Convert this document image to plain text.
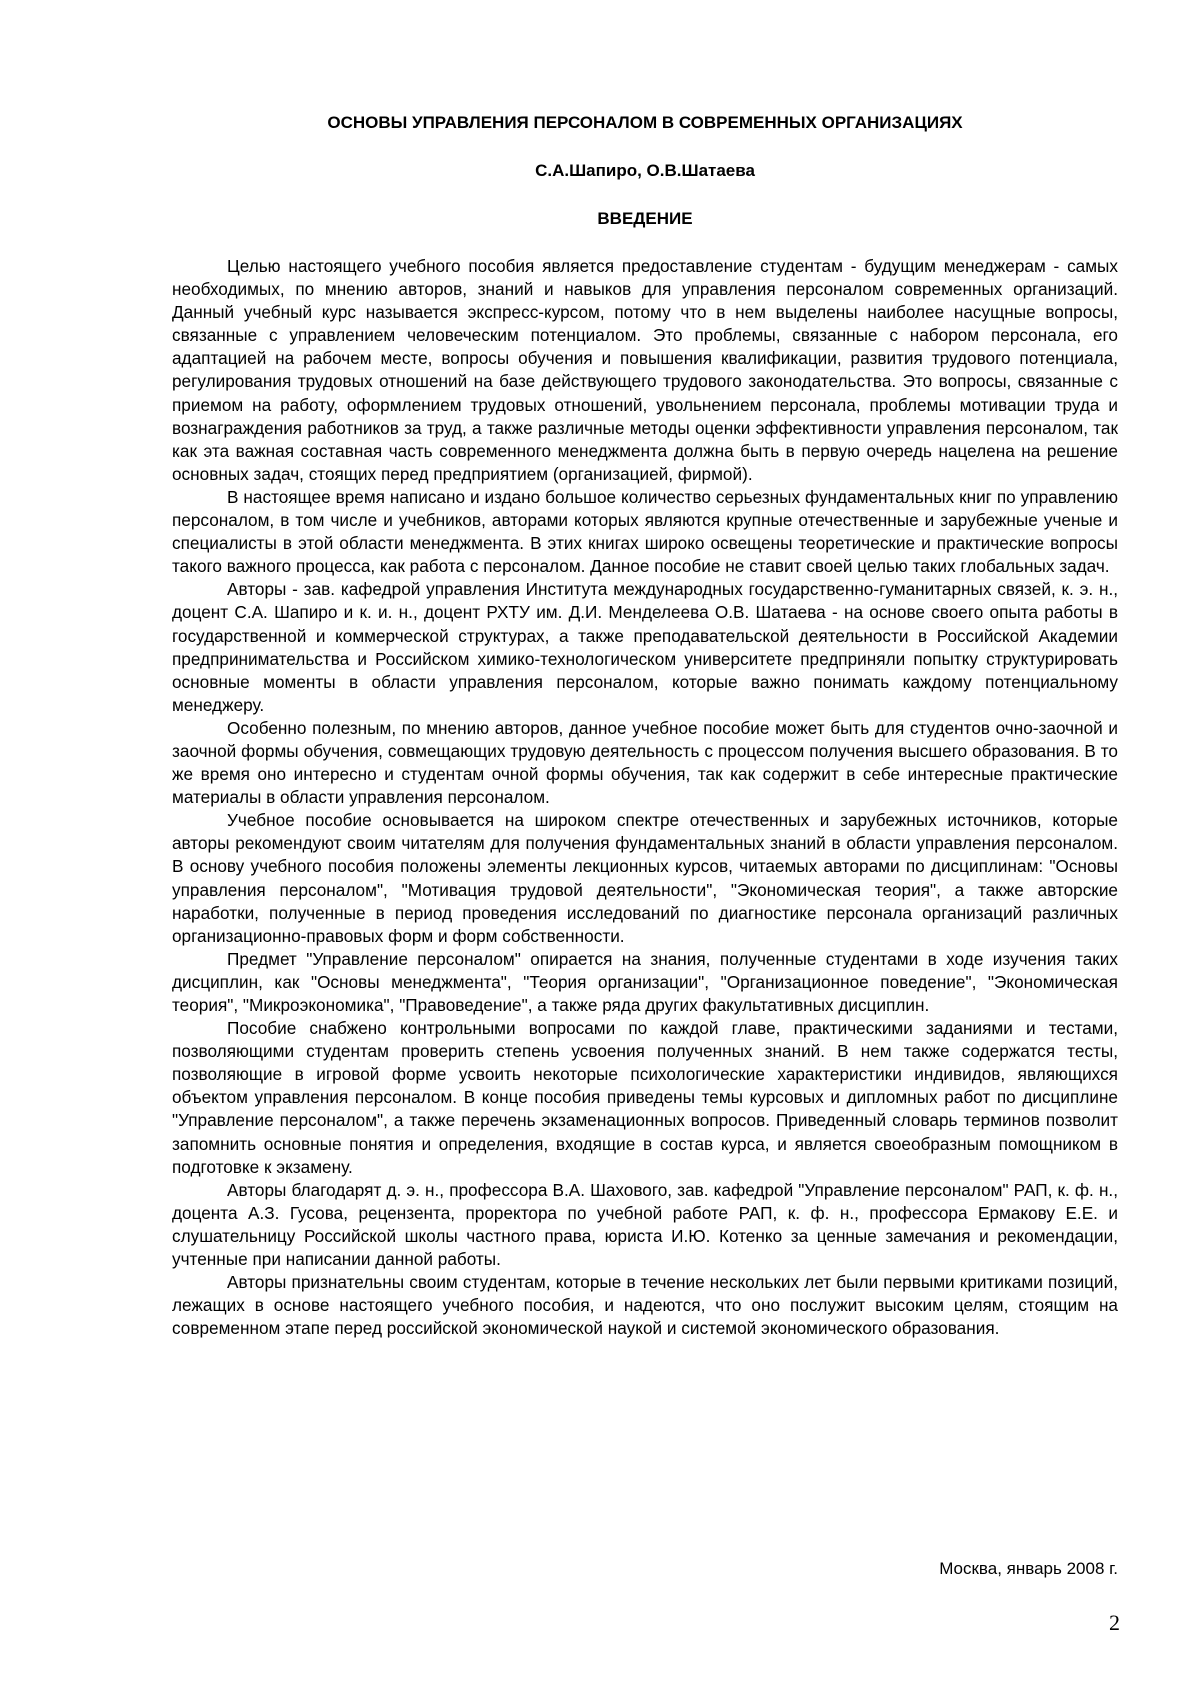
ОСНОВЫ УПРАВЛЕНИЯ ПЕРСОНАЛОМ В СОВРЕМЕННЫХ ОРГАНИЗАЦИЯХ
С.А.Шапиро, О.В.Шатаева
ВВЕДЕНИЕ

Целью настоящего учебного пособия является предоставление студентам - будущим менеджерам - самых необходимых, по мнению авторов, знаний и навыков для управления персоналом современных организаций. Данный учебный курс называется экспресс-курсом, потому что в нем выделены наиболее насущные вопросы, связанные с управлением человеческим потенциалом. Это проблемы, связанные с набором персонала, его адаптацией на рабочем месте, вопросы обучения и повышения квалификации, развития трудового потенциала, регулирования трудовых отношений на базе действующего трудового законодательства. Это вопросы, связанные с приемом на работу, оформлением трудовых отношений, увольнением персонала, проблемы мотивации труда и вознаграждения работников за труд, а также различные методы оценки эффективности управления персоналом, так как эта важная составная часть современного менеджмента должна быть в первую очередь нацелена на решение основных задач, стоящих перед предприятием (организацией, фирмой).

В настоящее время написано и издано большое количество серьезных фундаментальных книг по управлению персоналом, в том числе и учебников, авторами которых являются крупные отечественные и зарубежные ученые и специалисты в этой области менеджмента. В этих книгах широко освещены теоретические и практические вопросы такого важного процесса, как работа с персоналом. Данное пособие не ставит своей целью таких глобальных задач.

Авторы - зав. кафедрой управления Института международных государственно-гуманитарных связей, к. э. н., доцент С.А. Шапиро и к. и. н., доцент РХТУ им. Д.И. Менделеева О.В. Шатаева - на основе своего опыта работы в государственной и коммерческой структурах, а также преподавательской деятельности в Российской Академии предпринимательства и Российском химико-технологическом университете предприняли попытку структурировать основные моменты в области управления персоналом, которые важно понимать каждому потенциальному менеджеру.

Особенно полезным, по мнению авторов, данное учебное пособие может быть для студентов очно-заочной и заочной формы обучения, совмещающих трудовую деятельность с процессом получения высшего образования. В то же время оно интересно и студентам очной формы обучения, так как содержит в себе интересные практические материалы в области управления персоналом.

Учебное пособие основывается на широком спектре отечественных и зарубежных источников, которые авторы рекомендуют своим читателям для получения фундаментальных знаний в области управления персоналом. В основу учебного пособия положены элементы лекционных курсов, читаемых авторами по дисциплинам: "Основы управления персоналом", "Мотивация трудовой деятельности", "Экономическая теория", а также авторские наработки, полученные в период проведения исследований по диагностике персонала организаций различных организационно-правовых форм и форм собственности.

Предмет "Управление персоналом" опирается на знания, полученные студентами в ходе изучения таких дисциплин, как "Основы менеджмента", "Теория организации", "Организационное поведение", "Экономическая теория", "Микроэкономика", "Правоведение", а также ряда других факультативных дисциплин.

Пособие снабжено контрольными вопросами по каждой главе, практическими заданиями и тестами, позволяющими студентам проверить степень усвоения полученных знаний. В нем также содержатся тесты, позволяющие в игровой форме усвоить некоторые психологические характеристики индивидов, являющихся объектом управления персоналом. В конце пособия приведены темы курсовых и дипломных работ по дисциплине "Управление персоналом", а также перечень экзаменационных вопросов. Приведенный словарь терминов позволит запомнить основные понятия и определения, входящие в состав курса, и является своеобразным помощником в подготовке к экзамену.

Авторы благодарят д. э. н., профессора В.А. Шахового, зав. кафедрой "Управление персоналом" РАП, к. ф. н., доцента А.З. Гусова, рецензента, проректора по учебной работе РАП, к. ф. н., профессора Ермакову Е.Е. и слушательницу Российской школы частного права, юриста И.Ю. Котенко за ценные замечания и рекомендации, учтенные при написании данной работы.

Авторы признательны своим студентам, которые в течение нескольких лет были первыми критиками позиций, лежащих в основе настоящего учебного пособия, и надеются, что оно послужит высоким целям, стоящим на современном этапе перед российской экономической наукой и системой экономического образования.

Москва, январь 2008 г.
2
